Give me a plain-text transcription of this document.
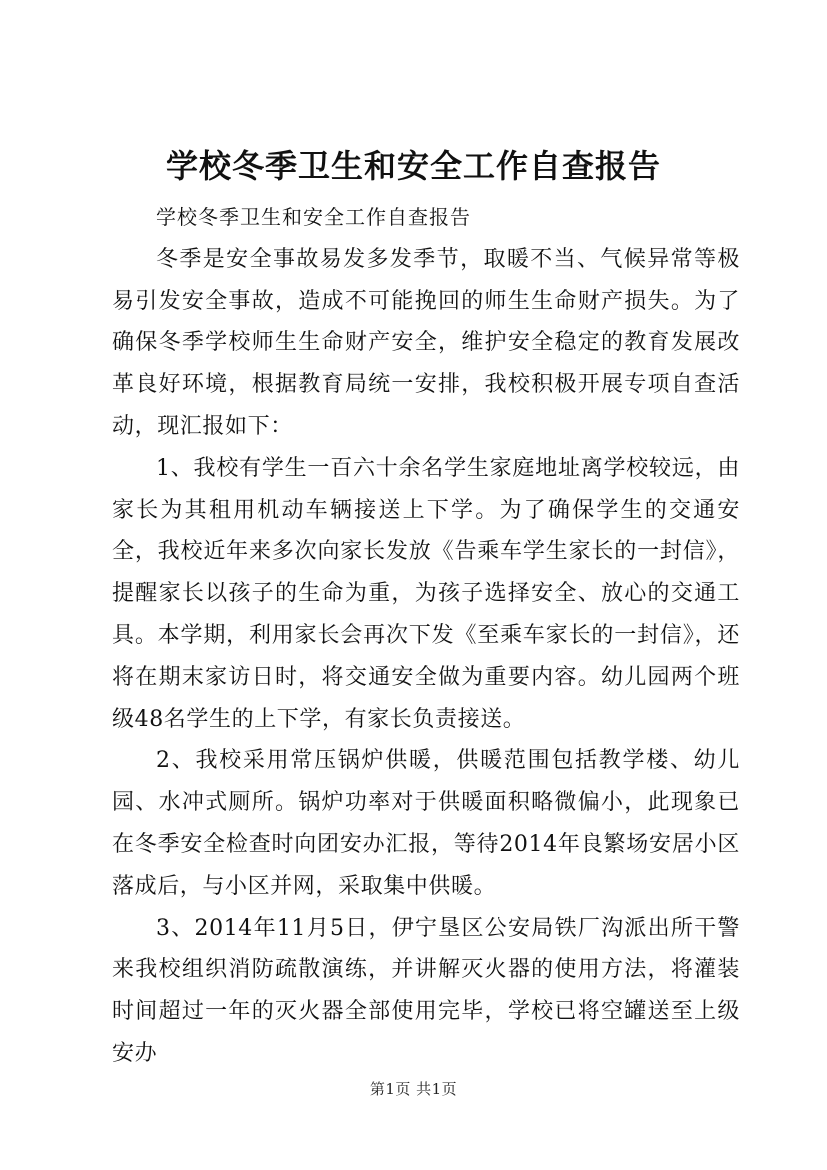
学校冬季卫生和安全工作自查报告

学校冬季卫生和安全工作自查报告

冬季是安全事故易发多发季节，取暖不当、气候异常等极易引发安全事故，造成不可能挽回的师生生命财产损失。为了确保冬季学校师生生命财产安全，维护安全稳定的教育发展改革良好环境，根据教育局统一安排，我校积极开展专项自查活动，现汇报如下：

1、我校有学生一百六十余名学生家庭地址离学校较远，由家长为其租用机动车辆接送上下学。为了确保学生的交通安全，我校近年来多次向家长发放《告乘车学生家长的一封信》，提醒家长以孩子的生命为重，为孩子选择安全、放心的交通工具。本学期，利用家长会再次下发《至乘车家长的一封信》，还将在期末家访日时，将交通安全做为重要内容。幼儿园两个班级48名学生的上下学，有家长负责接送。

2、我校采用常压锅炉供暖，供暖范围包括教学楼、幼儿园、水冲式厕所。锅炉功率对于供暖面积略微偏小，此现象已在冬季安全检查时向团安办汇报，等待2014年良繁场安居小区落成后，与小区并网，采取集中供暖。

3、2014年11月5日，伊宁垦区公安局铁厂沟派出所干警来我校组织消防疏散演练，并讲解灭火器的使用方法，将灌装时间超过一年的灭火器全部使用完毕，学校已将空罐送至上级安办

第1页 共1页
